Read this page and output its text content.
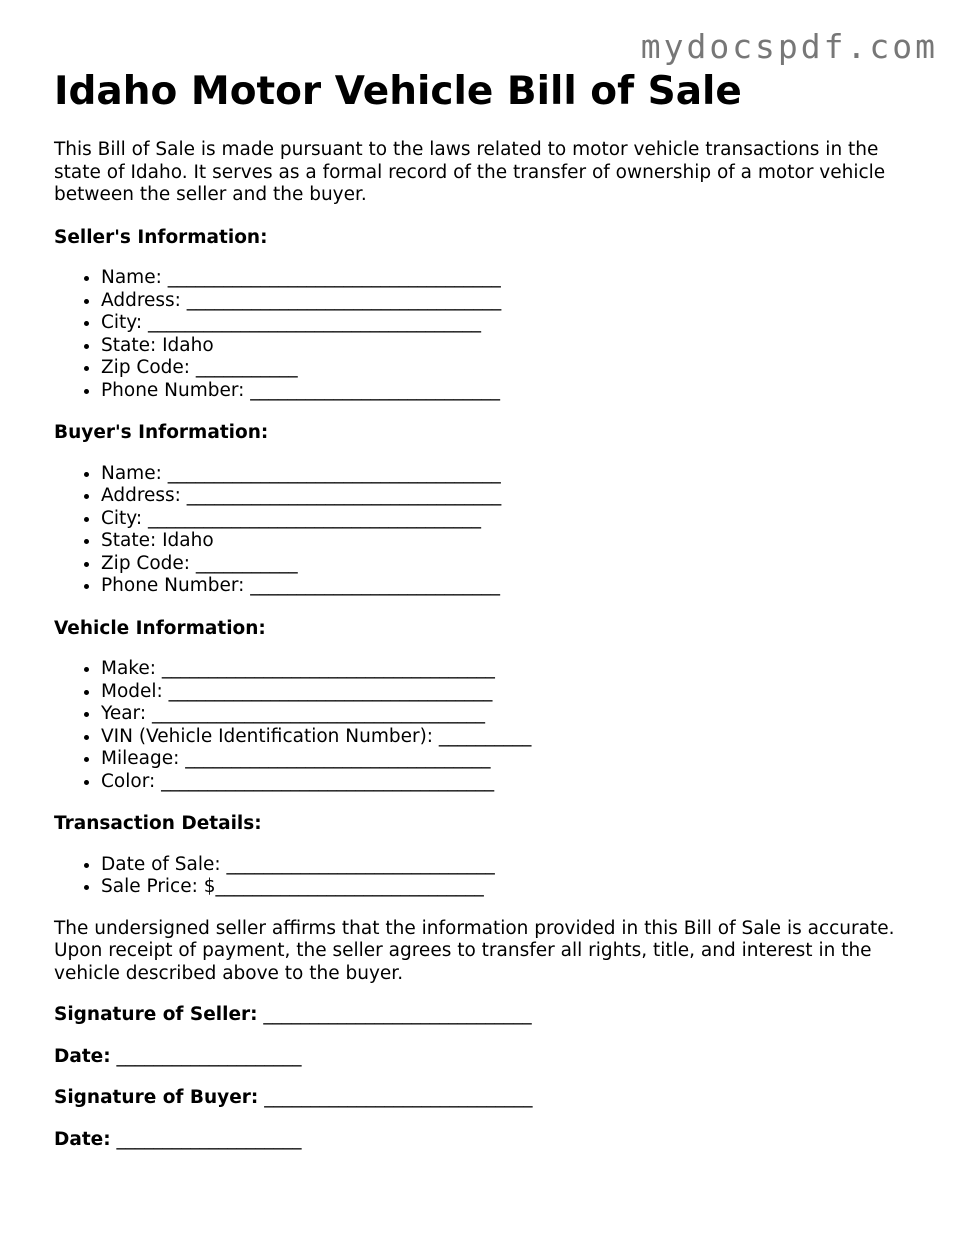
mydocspdf.com
Idaho Motor Vehicle Bill of Sale

This Bill of Sale is made pursuant to the laws related to motor vehicle transactions in the state of Idaho. It serves as a formal record of the transfer of ownership of a motor vehicle between the seller and the buyer.

Seller's Information:
• Name: ____________________________________
• Address: __________________________________
• City: ____________________________________
• State: Idaho
• Zip Code: ___________
• Phone Number: ___________________________
Buyer's Information:
• Name: ____________________________________
• Address: __________________________________
• City: ____________________________________
• State: Idaho
• Zip Code: ___________
• Phone Number: ___________________________
Vehicle Information:
• Make: ____________________________________
• Model: ___________________________________
• Year: ____________________________________
• VIN (Vehicle Identification Number): __________
• Mileage: _________________________________
• Color: ____________________________________
Transaction Details:
• Date of Sale: _____________________________
• Sale Price: $_____________________________

The undersigned seller affirms that the information provided in this Bill of Sale is accurate. Upon receipt of payment, the seller agrees to transfer all rights, title, and interest in the vehicle described above to the buyer.

Signature of Seller: _____________________________
Date: ____________________
Signature of Buyer: _____________________________
Date: ____________________
